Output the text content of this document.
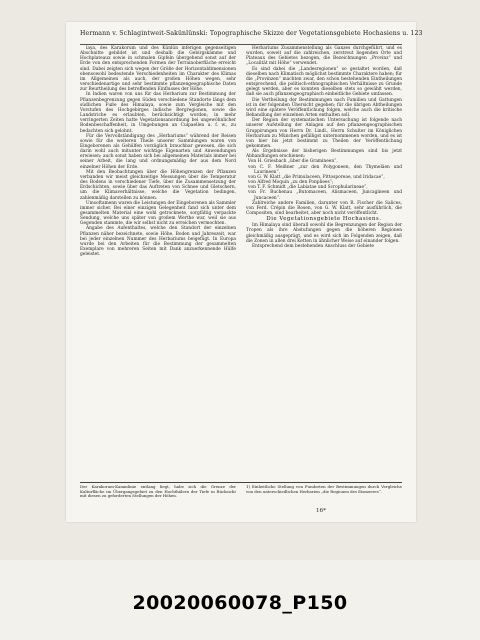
Hermann v. Schlagintweit-Sakünlünski: Topographische Skizze der Vegetationsgebiete Hochasiens u. 123

laya, des Karakorum und des Künlün inferigen gegenseitigen Abschnitte gebildet ist und deshalb die Gebirgskämme und Hochplateaux sowie in schmalen Gipfeln übergehend sonst auf der Erde von den entsprechenden Formen der Terrainoberfläche erreicht sind. Dabei zeigten sich wegen der Größe der Horizontaldimensionen ebensowohl bedeutende Verschiedenheiten im Charakter des Klimas im Allgemeinen als auch, der großen Höhen wegen, sehr verschiedenartige und sehr bestimmte pflanzengeographische Daten zur Beurtheilung des betreffenden Einflusses der Höhe.

In Indien waren von uns für das Herbarium zur Bestimmung der Pflanzenbegrenzung gegen Süden verschiedene Standorte längs dem südlichen Fuße des Himalaya, sowie zum Vergleiche mit den Vorstufen des Hochgebirges indische Bergregionen, sowie die Landstriche es erlaubten, berücksichtigt worden; in mehr verringerten Zeiten hatte Vegetationsanordnung bei ungewöhnlicher Bodenbeschaffenheit, in Umgebungen an Culpaellen u. f. w., zu bedachten sich gelohnt.

Für die Vervollständigung des „Herbariums“ während der Reisen sowie für die weiteren Theile unserer Sammlungen waren von Eingeborenen als Gehülfen vorzüglich brauchbar gewesen, die sich darin wohl auch mitunter wichtige Eigenarten und Anwendungen erwiesen; auch sonst haben sich bei allgemeinen Materials immer bei seiner Arbeit, die lang und ordnungsmäßig der aus dem Nord einzelner Höhen der Erde.

Mit den Beobachtungen über die Höhengrenzen der Pflanzen verbanden wir meist gleichzeitige Messungen über die Temperatur des Bodens in verschiedener Tiefe, über die Zusammensetzung der Erdschichten, sowie über das Auftreten von Schnee und Gletschern, um die Klimaverhältnisse, welche die Vegetation bedingen, zahlenmäßig darstellen zu können.

Umsoftamenn waren die Leistungen der Eingeborenen als Sammler immer sicher. Bei einer einzigen Gelegenheit fand sich unter dem gesammelten Material eine wohl getrocknete, sorgfältig verpackte Sendung, welche uns später von großem Werthe war, weil sie aus Gegenden stammte, die wir selbst nicht zu erreichen vermochten.

Angabe des Aufenthaltes, welche den Standort der einzelnen Pflanzen näher bezeichnete, sowie Höhe, Boden und Jahreszeit, war bei jeder einzelnen Nummer des Herbariums beigefügt. In Europa wurde bei den Arbeiten für die Bestimmung der gesammelten Exemplare von mehreren Seiten mit Dank anzuerkennende Hülfe geleistet.

Herbariums Zusammenstellung als Ganzes durchgeführt, und es wurden, soweit auf die zahlreichen, zerstreut liegenden Orte und Plateaux des Gebietes bezogen, die Bezeichnungen „Provinz“ und „Localität mit Höhe“ verwendet.

Es sind dabei die „Landesregionen“ so gestaltet worden, daß dieselben nach Klimatisch möglichst bestimmte Charaktere haben; für die „Provinzen“ machten zwar, den schon bestehenden Eintheilungen entsprechend, die politisch-ethnographischen Verhältnisse zu Grunde gelegt werden, aber es konnten dieselben stets so gewählt werden, daß sie auch pflanzengeographisch einheitliche Gebiete umfassen.

Die Vertheilung der Bestimmungen nach Familien und Gattungen ist in der folgenden Übersicht gegeben; für die übrigen Abtheilungen wird eine spätere Veröffentlichung folgen, welche auch die kritische Behandlung der einzelnen Arten enthalten soll.

Der Region der systematischen Untersuchung ist folgende nach unserer Aufstellung der Anlagen auf den pflanzengeographischen Gruppirungen von Herrn Dr. Lindl., Herrn Schulter im Königlichen Herbarium zu München gefälligst unternommenen worden, und es ist von hier bis jetzt bestimmt zu Theilen der Veröffentlichung gekommen.

Als Ergebnisse der bisherigen Bestimmungen sind bis jetzt Abhandlungen erschienen:

Von H. Griesbach „über die Gramineen“,

von C. F. Meißner „zur den Polygoneen, den Thymeläen und Laurineen“,

von G. W. Klatt „die Primulaceen, Pittosporeae, und Iridacae“,

von Alfred Moquin „zu den Ponpliees“;

von T. F. Schmidt „die Labiatae und Scrophularineae“,

von Fr. Buchenau „Butomaceen, Alismaceen, Juncagineen und Juncaceen“.

Zahlreiche andere Familien, darunter von R. Fischer die Salices, von Ferd. Crépin die Rosen, von G. W. Klatt, sehr ausführlich, die Compositen, sind bearbeitet, aber noch nicht veröffentlicht.

Die Vegetationsgebiete Hochasiens.

Im Himalaya sind überall sowohl die Begrenzungen der Region der Tropen als ihre Abstufungen gegen die höheren Regionen gleichmäßig ausgeprägt, und es wird sich im Folgenden zeigen, daß die Zonen in allen drei Ketten in ähnlicher Weise auf einander folgen.

Entsprechend dem bestehenden Anschluss der Gebiete

Der Karakorum-Kammlinie entlang liegt, habe sich die Grenze der Kulturfläche im Übergangsgebiet zu den Hochthälern der Tiefe in Rücksicht mit diesen zu geforderten Stellungen der Höhen.
1) Einheitliche Stellung von Fundorten der Bestimmungen durch Vergleiche von den unterschiedlichen Herbarien „die Regionen des Eismeeres“.
16*
20020060078_P150
